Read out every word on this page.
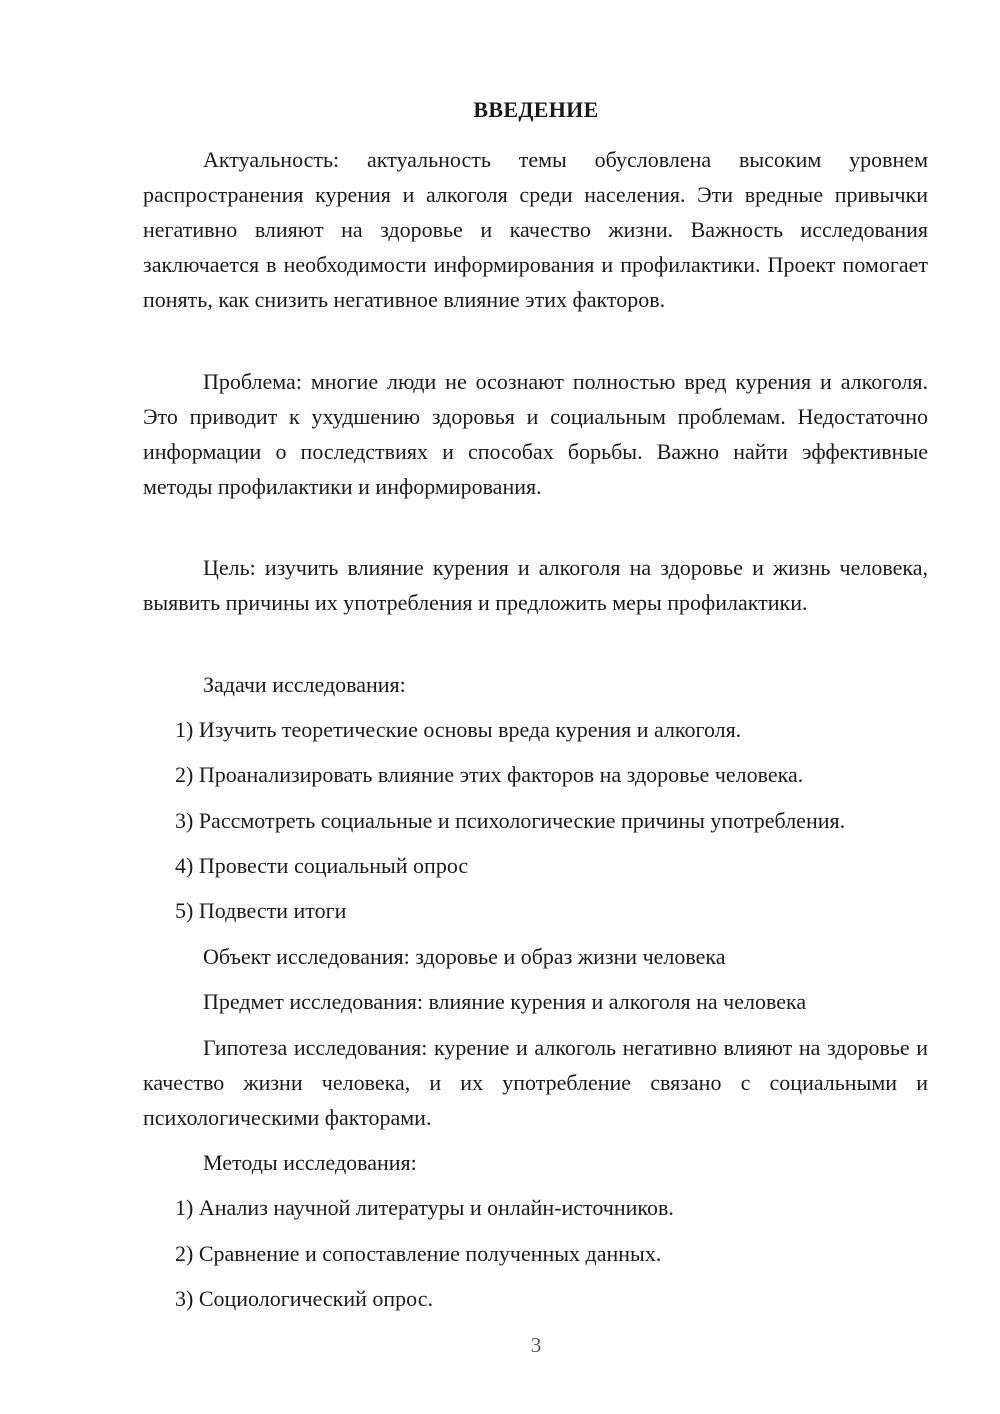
ВВЕДЕНИЕ

Актуальность: актуальность темы обусловлена высоким уровнем распространения курения и алкоголя среди населения. Эти вредные привычки негативно влияют на здоровье и качество жизни. Важность исследования заключается в необходимости информирования и профилактики. Проект помогает понять, как снизить негативное влияние этих факторов.

Проблема: многие люди не осознают полностью вред курения и алкоголя. Это приводит к ухудшению здоровья и социальным проблемам. Недостаточно информации о последствиях и способах борьбы. Важно найти эффективные методы профилактики и информирования.

Цель: изучить влияние курения и алкоголя на здоровье и жизнь человека, выявить причины их употребления и предложить меры профилактики.

Задачи исследования:
1) Изучить теоретические основы вреда курения и алкоголя.
2) Проанализировать влияние этих факторов на здоровье человека.
3) Рассмотреть социальные и психологические причины употребления.
4) Провести социальный опрос
5) Подвести итоги
Объект исследования: здоровье и образ жизни человека
Предмет исследования: влияние курения и алкоголя на человека

Гипотеза исследования: курение и алкоголь негативно влияют на здоровье и качество жизни человека, и их употребление связано с социальными и психологическими факторами.

Методы исследования:
1) Анализ научной литературы и онлайн-источников.
2) Сравнение и сопоставление полученных данных.
3) Социологический опрос.
3
